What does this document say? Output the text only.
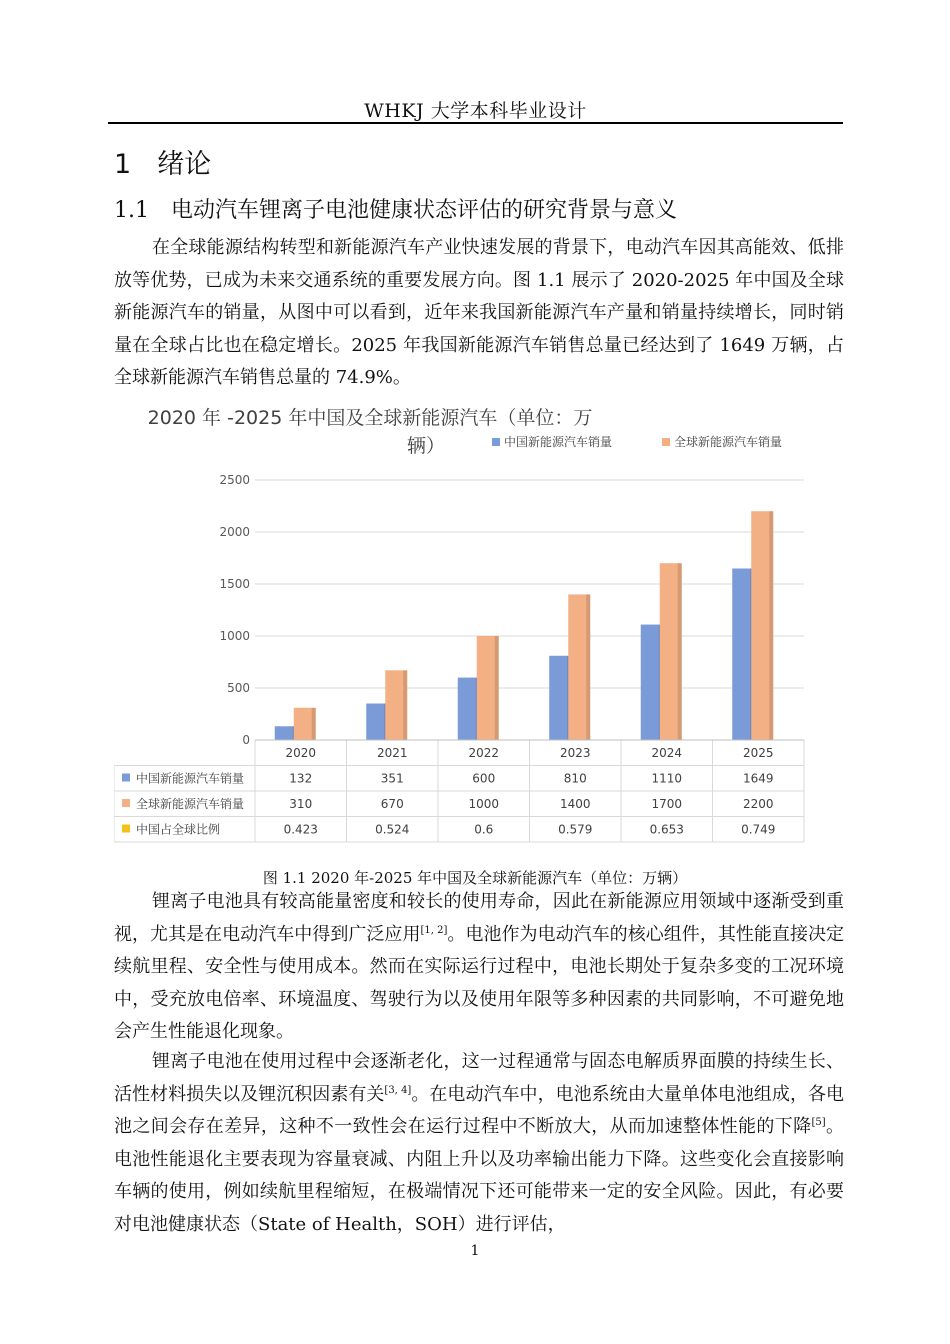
WHKJ 大学本科毕业设计
1 绪论
1.1 电动汽车锂离子电池健康状态评估的研究背景与意义

在全球能源结构转型和新能源汽车产业快速发展的背景下，电动汽车因其高能效、低排放等优势，已成为未来交通系统的重要发展方向。图 1.1 展示了 2020-2025 年中国及全球新能源汽车的销量，从图中可以看到，近年来我国新能源汽车产量和销量持续增长，同时销量在全球占比也在稳定增长。2025 年我国新能源汽车销售总量已经达到了 1649 万辆，占全球新能源汽车销售总量的 74.9%。

2020 年 -2025 年中国及全球新能源汽车（单位：万
辆）	中国新能源汽车销量	全球新能源汽车销量
0
500
1000
1500
2000
2500
2020	2021	2022	2023	2024	2025
中国新能源汽车销量	132	351	600	810	1110	1649
全球新能源汽车销量	310	670	1000	1400	1700	2200
中国占全球比例	0.423	0.524	0.6	0.579	0.653	0.749
图 1.1 2020 年-2025 年中国及全球新能源汽车（单位：万辆）

锂离子电池具有较高能量密度和较长的使用寿命，因此在新能源应用领域中逐渐受到重视，尤其是在电动汽车中得到广泛应用[1, 2]。电池作为电动汽车的核心组件，其性能直接决定续航里程、安全性与使用成本。然而在实际运行过程中，电池长期处于复杂多变的工况环境中，受充放电倍率、环境温度、驾驶行为以及使用年限等多种因素的共同影响，不可避免地会产生性能退化现象。

锂离子电池在使用过程中会逐渐老化，这一过程通常与固态电解质界面膜的持续生长、活性材料损失以及锂沉积因素有关[3, 4]。在电动汽车中，电池系统由大量单体电池组成，各电池之间会存在差异，这种不一致性会在运行过程中不断放大，从而加速整体性能的下降[5]。电池性能退化主要表现为容量衰减、内阻上升以及功率输出能力下降。这些变化会直接影响车辆的使用，例如续航里程缩短，在极端情况下还可能带来一定的安全风险。因此，有必要对电池健康状态（State of Health，SOH）进行评估，

1
